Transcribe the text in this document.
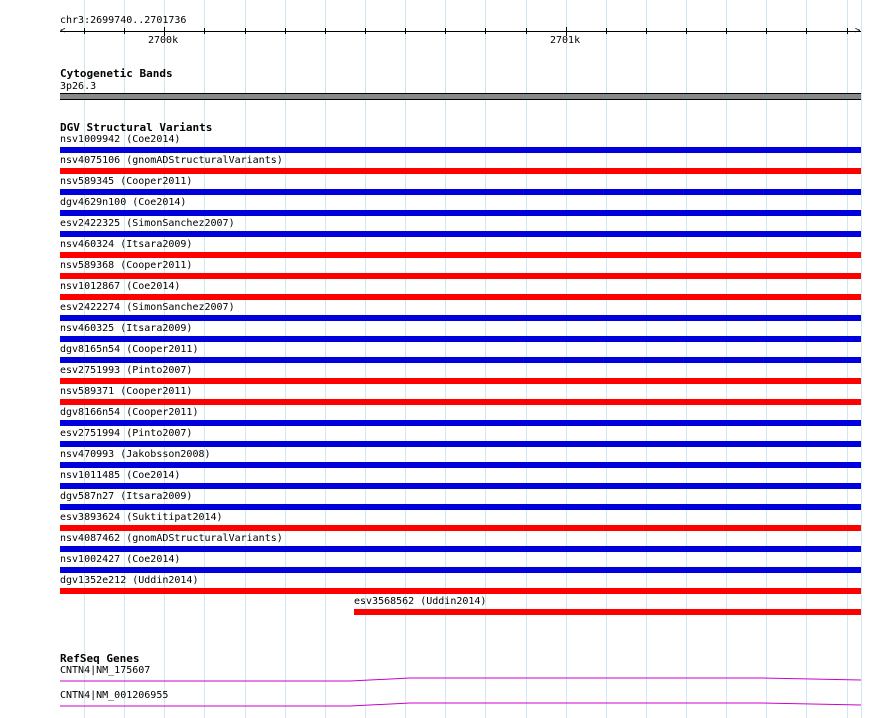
chr3:2699740..2701736
<	>
2700k	2701k
Cytogenetic Bands
3p26.3
DGV Structural Variants
nsv1009942 (Coe2014)
nsv4075106 (gnomADStructuralVariants)
nsv589345 (Cooper2011)
dgv4629n100 (Coe2014)
esv2422325 (SimonSanchez2007)
nsv460324 (Itsara2009)
nsv589368 (Cooper2011)
nsv1012867 (Coe2014)
esv2422274 (SimonSanchez2007)
nsv460325 (Itsara2009)
dgv8165n54 (Cooper2011)
esv2751993 (Pinto2007)
nsv589371 (Cooper2011)
dgv8166n54 (Cooper2011)
esv2751994 (Pinto2007)
nsv470993 (Jakobsson2008)
nsv1011485 (Coe2014)
dgv587n27 (Itsara2009)
esv3893624 (Suktitipat2014)
nsv4087462 (gnomADStructuralVariants)
nsv1002427 (Coe2014)
dgv1352e212 (Uddin2014)
esv3568562 (Uddin2014)
RefSeq Genes
CNTN4|NM_175607
CNTN4|NM_001206955
